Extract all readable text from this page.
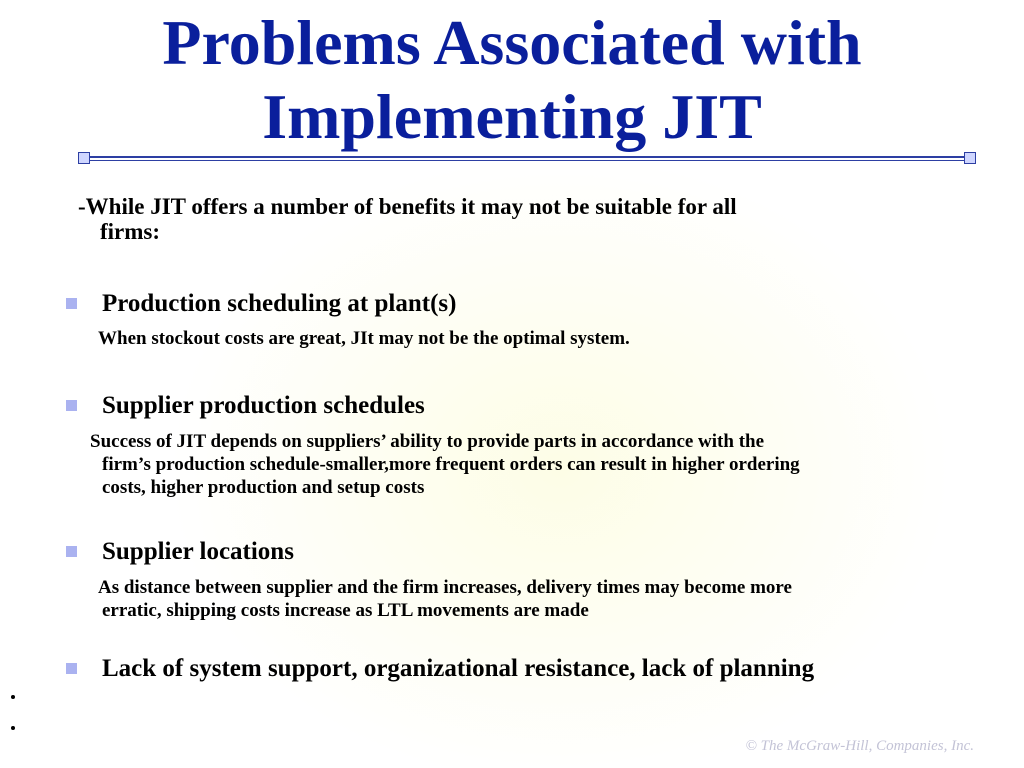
Problems Associated with
Implementing JIT

-While JIT offers a number of benefits it may not be suitable for all
firms:

Production scheduling at plant(s)

When stockout costs are great, JIt may not be the optimal system.

Supplier production schedules

Success of JIT depends on suppliers’ ability to provide parts in accordance with the
firm’s production schedule-smaller,more frequent orders can result in higher ordering
costs, higher production and setup costs

Supplier locations

As distance between supplier and the firm increases, delivery times may become more
erratic, shipping costs increase as LTL movements are made

Lack of system support, organizational resistance, lack of planning
© The McGraw-Hill, Companies, Inc.
